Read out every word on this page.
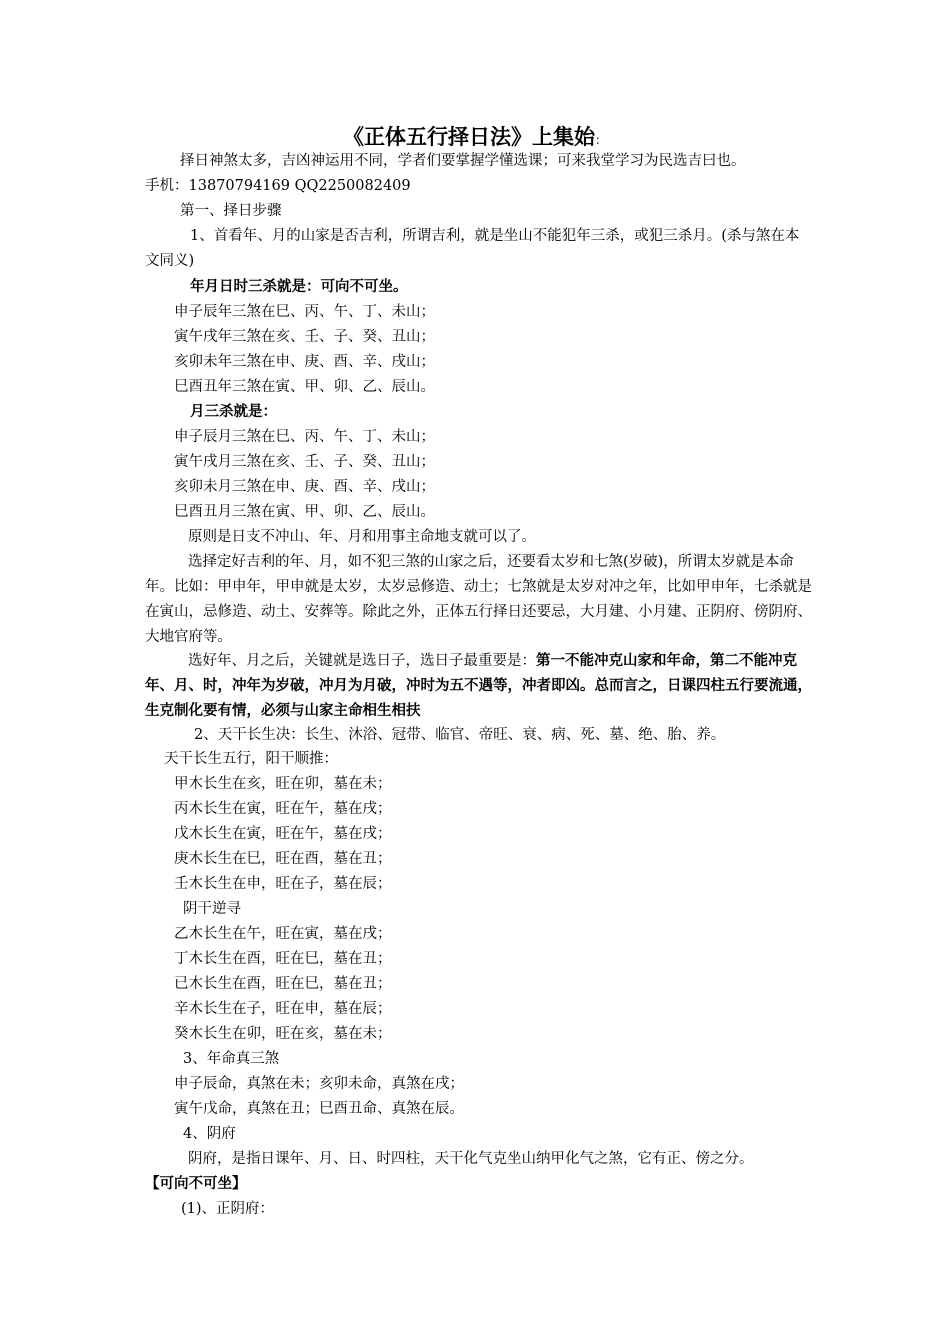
《正体五行择日法》上集始：
择日神煞太多，吉凶神运用不同，学者们要掌握学懂选课；可来我堂学习为民选吉曰也。
手机：13870794169 QQ2250082409
第一、择日步骤
1、首看年、月的山家是否吉利，所谓吉利，就是坐山不能犯年三杀，或犯三杀月。(杀与煞在本文同义)
年月日时三杀就是：可向不可坐。
申子辰年三煞在巳、丙、午、丁、未山；
寅午戌年三煞在亥、壬、子、癸、丑山；
亥卯未年三煞在申、庚、酉、辛、戌山；
巳酉丑年三煞在寅、甲、卯、乙、辰山。
月三杀就是：
申子辰月三煞在巳、丙、午、丁、未山；
寅午戌月三煞在亥、壬、子、癸、丑山；
亥卯未月三煞在申、庚、酉、辛、戌山；
巳酉丑月三煞在寅、甲、卯、乙、辰山。
原则是日支不冲山、年、月和用事主命地支就可以了。
选择定好吉利的年、月，如不犯三煞的山家之后，还要看太岁和七煞(岁破)，所谓太岁就是本命年。比如：甲申年，甲申就是太岁，太岁忌修造、动土；七煞就是太岁对冲之年，比如甲申年，七杀就是在寅山，忌修造、动土、安葬等。除此之外，正体五行择日还要忌，大月建、小月建、正阴府、傍阴府、大地官府等。
选好年、月之后，关键就是选日子，选日子最重要是：第一不能冲克山家和年命，第二不能冲克年、月、时，冲年为岁破，冲月为月破，冲时为五不遇等，冲者即凶。总而言之，日课四柱五行要流通，生克制化要有情，必须与山家主命相生相扶
2、天干长生决：长生、沐浴、冠带、临官、帝旺、衰、病、死、墓、绝、胎、养。
天干长生五行，阳干顺推：
甲木长生在亥，旺在卯，墓在未；
丙木长生在寅，旺在午，墓在戌；
戊木长生在寅，旺在午，墓在戌；
庚木长生在巳，旺在酉，墓在丑；
壬木长生在申，旺在子，墓在辰；
阴干逆寻
乙木长生在午，旺在寅，墓在戌；
丁木长生在酉，旺在巳，墓在丑；
已木长生在酉，旺在巳，墓在丑；
辛木长生在子，旺在申，墓在辰；
癸木长生在卯，旺在亥，墓在未；
3、年命真三煞
申子辰命，真煞在未；亥卯未命，真煞在戌；
寅午戊命，真煞在丑；巳酉丑命、真煞在辰。
4、阴府
阴府，是指日课年、月、日、时四柱，天干化气克坐山纳甲化气之煞，它有正、傍之分。
【可向不可坐】
(1)、正阴府：
